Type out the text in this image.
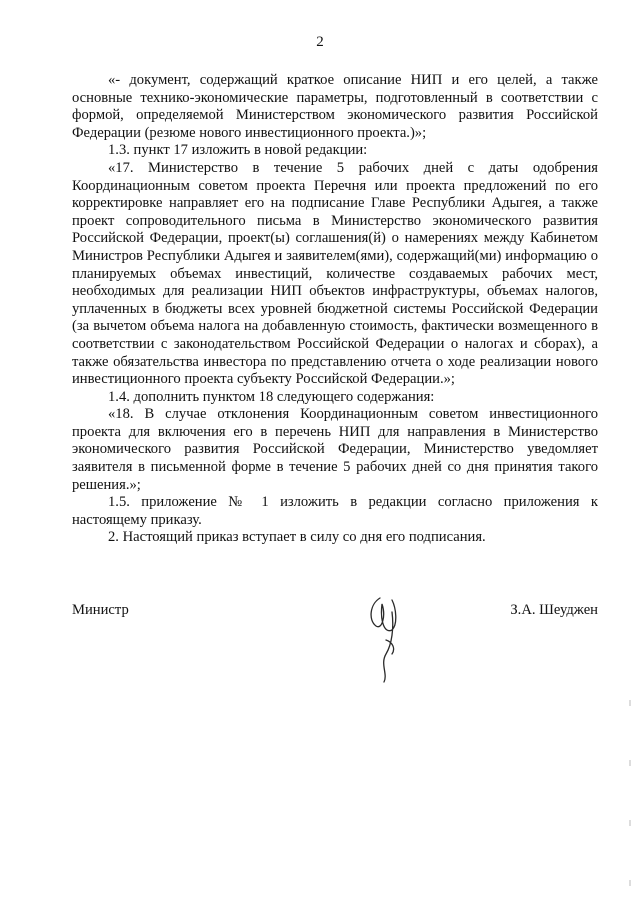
2

«- документ, содержащий краткое описание НИП и его целей, а также основные технико-экономические параметры, подготовленный в соответствии с формой, определяемой Министерством экономического развития Российской Федерации (резюме нового инвестиционного проекта.)»;

1.3. пункт 17 изложить в новой редакции:

«17. Министерство в течение 5 рабочих дней с даты одобрения Координационным советом проекта Перечня или проекта предложений по его корректировке направляет его на подписание Главе Республики Адыгея, а также проект сопроводительного письма в Министерство экономического развития Российской Федерации, проект(ы) соглашения(й) о намерениях между Кабинетом Министров Республики Адыгея и заявителем(ями), содержащий(ми) информацию о планируемых объемах инвестиций, количестве создаваемых рабочих мест, необходимых для реализации НИП объектов инфраструктуры, объемах налогов, уплаченных в бюджеты всех уровней бюджетной системы Российской Федерации (за вычетом объема налога на добавленную стоимость, фактически возмещенного в соответствии с законодательством Российской Федерации о налогах и сборах), а также обязательства инвестора по представлению отчета о ходе реализации нового инвестиционного проекта субъекту Российской Федерации.»;

1.4. дополнить пунктом 18 следующего содержания:

«18. В случае отклонения Координационным советом инвестиционного проекта для включения его в перечень НИП для направления в Министерство экономического развития Российской Федерации, Министерство уведомляет заявителя в письменной форме в течение 5 рабочих дней со дня принятия такого решения.»;

1.5. приложение № 1 изложить в редакции согласно приложения к настоящему приказу.

2. Настоящий приказ вступает в силу со дня его подписания.

Министр	З.А. Шеуджен
